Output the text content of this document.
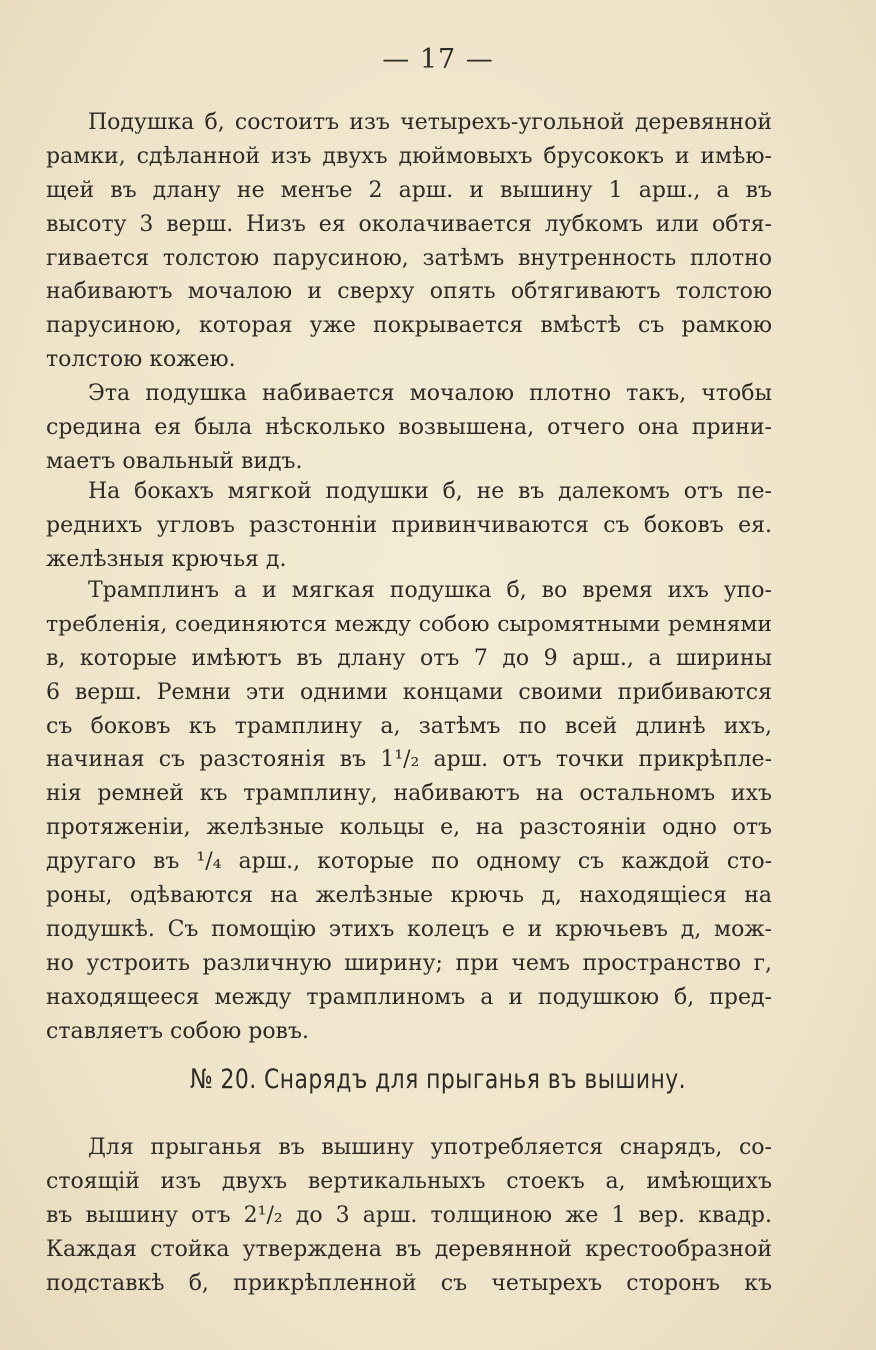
— 17 —
Подушка б, состоитъ изъ четырехъ-угольной деревянной
рамки, сдѣланной изъ двухъ дюймовыхъ брусококъ и имѣю-
щей въ длану не менъе 2 арш. и вышину 1 арш., а въ
высоту 3 верш. Низъ ея околачивается лубкомъ или обтя-
гивается толстою парусиною, затѣмъ внутренность плотно
набиваютъ мочалою и сверху опять обтягиваютъ толстою
парусиною, которая уже покрывается вмѣстѣ съ рамкою
толстою кожею.
Эта подушка набивается мочалою плотно такъ, чтобы
средина ея была нѣсколько возвышена, отчего она прини-
маетъ овальный видъ.
На бокахъ мягкой подушки б, не въ далекомъ отъ пе-
реднихъ угловъ разстонніи привинчиваются съ боковъ ея.
желѣзныя крючья д.
Трамплинъ а и мягкая подушка б, во время ихъ упо-
требленія, соединяются между собою сыромятными ремнями
в, которые имѣютъ въ длану отъ 7 до 9 арш., а ширины
6 верш. Ремни эти одними концами своими прибиваются
съ боковъ къ трамплину а, затѣмъ по всей длинѣ ихъ,
начиная съ разстоянія въ 1¹/₂ арш. отъ точки прикрѣпле-
нія ремней къ трамплину, набиваютъ на остальномъ ихъ
протяженіи, желѣзные кольцы е, на разстояніи одно отъ
другаго въ ¹/₄ арш., которые по одному съ каждой сто-
роны, одѣваются на желѣзные крючь д, находящіеся на
подушкѣ. Съ помощію этихъ колецъ е и крючьевъ д, мож-
но устроить различную ширину; при чемъ пространство г,
находящееся между трамплиномъ а и подушкою б, пред-
ставляетъ собою ровъ.
№ 20. Снарядъ для прыганья въ вышину.
Для прыганья въ вышину употребляется снарядъ, со-
стоящій изъ двухъ вертикальныхъ стоекъ а, имѣющихъ
въ вышину отъ 2¹/₂ до 3 арш. толщиною же 1 вер. квадр.
Каждая стойка утверждена въ деревянной крестообразной
подставкѣ б, прикрѣпленной съ четырехъ сторонъ къ
